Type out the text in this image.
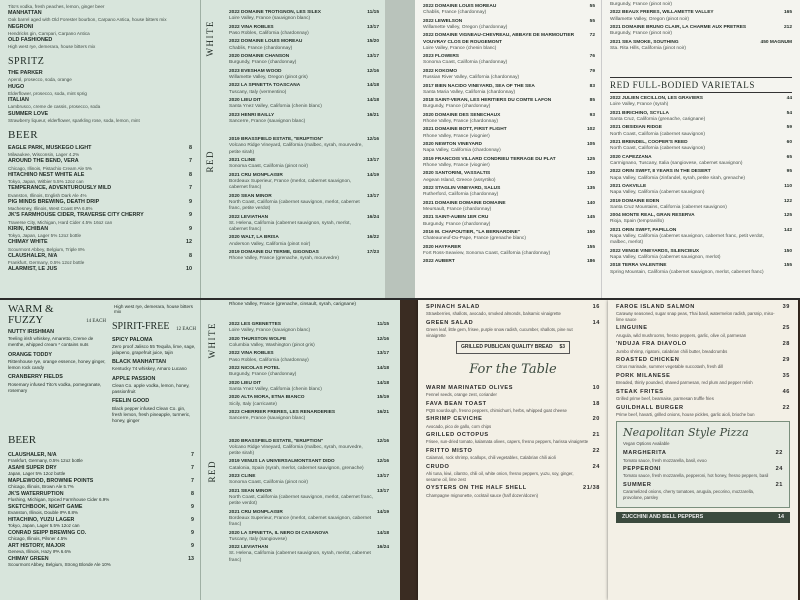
Tito's vodka, fresh peaches, lemon, ginger beer
MANHATTAN
Oak barrel aged with Old Forester bourbon, Carpano Antica, house bitters mix
NEGRONI
Hendricks gin, Campari, Carpano Antica
OLD FASHIONED
High west rye, demerara, house bitters mix
SPRITZ
THE PARKER
Aperol, prosecco, soda, orange
HUGO
Elderflower, prosecco, soda, mint sprig
ITALIAN
Lambrusco, creme de cassis, prosecco, soda
SUMMER LOVE
Strawberry liqueur, elderflower, sparkling rose, soda, lemon, mint
BEER
EAGLE PARK, MUSKEGO LIGHT
Milwaukee, Wisconsin, Lager 4.2%
8
AROUND THE BEND, VERA
Chicago, Illinois, Pistachio Cream Ale 5%
7
HITACHINO NEST WHITE ALE
Tokyo, Japan, Witbier 5.5% 12oz can
8
TEMPERANCE, ADVENTUROUSLY MILD
Evanston, Illinois, English Dark Ale 4%
7
PIG MINDS BREWING, DEATH DRIP
Machesney, Illinois, West Coast IPA 6.8%
9
JK'S FARMHOUSE CIDER, TRAVERSE CITY CHERRY
Traverse City, Michigan, Hard Cider 4.5% 16oz can
9
KIRIN, ICHIBAN
Tokyo, Japan, Lager 5% 12oz bottle
9
CHIMAY WHITE
Scourmont Abbey, Belgium, Triple 8%
12
CLAUSHALER, N/A
Frankfurt, Germany, 0.5% 12oz bottle
8
ALARMIST, LE JUS	10
WHITE
RED
2022 DOMAINE TROTIGNON, LES SILEX
Loire Valley, France (sauvignon blanc)
11/15
2022 VINA ROBLES
Paso Robles, California (chardonnay)
13/17
2022 DOMAINE LOUIS MOREAU
Chablis, France (chardonnay)
15/20
2020 DOMAINE CHANSON
Burgundy, France (chardonnay)
13/17
2023 EVESHAM WOOD
Willamette Valley, Oregon (pinot gris)
12/16
2022 LA SPINETTA TOASCANA
Tuscany, Italy (vermentino)
14/18
2020 LIEU DIT
Santa Ynez Valley, California (chenin blanc)
14/18
2023 HENRI BAILLY
Sancerre, France (sauvignon blanc)
16/21
2019 BRASSFIELD ESTATE, "ERUPTION"
Volcano Ridge Vineyard, California (malbec, syrah, mourvedre, petite sirah)
12/16
2021 CLINE
Sonoma Coast, California (pinot noir)
13/17
2021 CRU MONPLAISIR
Bordeaux Superieur, France (merlot, cabernet sauvignon, cabernet franc)
14/19
2020 SEAN MINOR
North Coast, California (cabernet sauvignon, merlot, cabernet franc, petite verdot)
13/17
2022 LEVIATHAN
St. Helena, California (cabernet sauvignon, syrah, merlot, cabernet franc)
16/24
2020 WALT, LA BRISA
Anderson Valley, California (pinot noir)
16/22
2019 DOMAINE DU TERME, GIGONDAS
Rhone Valley, France (grenache, syrah, mourvedre)
17/23
2022 DOMAINE LOUIS MOREAU
Chablis, France (chardonnay)
55
2022 LEWELSON
Willamette Valley, Oregon (chardonnay)
55
2022 DOMAINE VIGNEAU-CHEVREAU, ABBAYE DE MARMOUTIER VOUVRAY CLOS DE ROUGEMONT
Loire Valley, France (chenin blanc)
72
2023 FLOWERS
Sonoma Coast, California (chardonnay)
76
2022 KOKOMO
Russian River Valley, California (chardonnay)
79
2017 BIEN NACIDO VINEYARD, SEA OF THE SEA
Santa Maria Valley, California (chardonnay)
83
2018 SAINT-VERAN, LES HERITIERS DU COMTE LAFON
Burgundy, France (chardonnay)
85
2020 DOMAINE DES SENECHAUX
Rhone Valley, France (chardonnay)
93
2021 DOMAINE BOTT, FIRST FLIGHT
Rhone Valley, France (viognier)
102
2020 NEWTON VINEYARD
Napa Valley, California (chardonnay)
105
2019 FRANCOIS VILLARD CONDRIEU TERRAGE DU PLAT
Rhone Valley, France (viognier)
125
2020 SANTORINI, VASSALTIS
Aegean Island, Greece (assyrtiko)
130
2022 STAGLIN VINEYARD, SALUS
Rutherford, California (chardonnay)
135
2021 DOMAINE DOMAINE DOMAINE
Meursault, France (chardonnay)
140
2021 SAINT-AUBIN 1ER CRU
Burgundy, France (chardonnay)
145
2016 M. CHAPOUTIER, "LA BERNARDINE"
Chateauneuf-Du-Pape, France (grenache blanc)
150
2020 HAYFARER
Fort Ross-Seaview, Sonoma Coast, California (chardonnay)
155
2022 AUBERT	186
Burgundy, France (pinot noir)
2022 BEAUX FRERES, WILLAMETTE VALLEY
Willamette Valley, Oregon (pinot noir)
165
2021 DOMAINE BRUNO CLAIR, LA CHARME AUX PRETRES
Burgundy, France (pinot noir)
212
2021 SEA SMOKE, SOUTHING
Sta. Rita Hills, California (pinot noir)
450 MAGNUM
RED FULL-BODIED VARIETALS
2022 JULIEN CECILLON, LES GRAVIERS
Loire Valley, France (syrah)
44
2021 BIRICHINO, SCYLLA
Santa Cruz, California (grenache, carignane)
54
2021 OBSIDIAN RIDGE
North Coast, California (cabernet sauvignon)
59
2021 BRENDEL, COOPER'S REED
North Coast, California (cabernet sauvignon)
60
2020 CAPEZZANA
Carmignano, Tuscany, Italia (sangiovese, cabernet sauvignon)
65
2022 ORIN SWIFT, 8 YEARS IN THE DESERT
Napa Valley, California (zinfandel, syrah, petite sirah, grenache)
95
2021 OAKVILLE
Napa Valley, California (cabernet sauvignon)
110
2019 DOMAINE EDEN
Santa Cruz Mountains, California (cabernet sauvignon)
122
2004 MONTE REAL, GRAN RESERVA
Rioja, Spain (tempranillo)
125
2021 ORIN SWIFT, PAPILLON
Napa Valley, California (cabernet sauvignon, cabernet franc, petit verdot, malbec, merlot)
142
2022 VENGE VINEYARDS, SILENCIEUX
Napa Valley, California (cabernet sauvignon, merlot)
150
2018 TERRA VALENTINE
Spring Mountain, California (cabernet sauvignon, merlot, cabernet franc)
155
High west rye, demerara, house bitters mix
WARM & FUZZY	14 EACH
NUTTY IRISHMAN
Teeling irish whiskey, Amaretto, Creme de menthe, whipped cream * contains nuts
ORANGE TODDY
Rittenhouse rye, orange essence, honey ginger, lemon rock candy
CRANBERRY FIELDS
Rosemary infused Tito's vodka, pomegranate, rosemary
SPIRIT-FREE 12 EACH
SPICY PALOMA
Zero proof Jalisco 55 Tequila, lime, sage, jalapeno, grapefruit juice, tajin
BLACK MANHATTAN
Kentucky 74 whiskey, Amaro Lucano
APPLE PASSION
Clean Co. apple vodka, lemon, honey, passionfruit
FEELIN GOOD
Black pepper infused Clean Co. gin, fresh lemon, fresh pineapple, turmeric, honey, ginger
BEER
CLAUSHALER, N/A
Frankfurt, Germany, 0.5% 12oz bottle
7
ASAHI SUPER DRY
Japan, Lager 5% 12oz bottle
7
MAPLEWOOD, BROWNIE POINTS
Chicago, Illinois, Brown Ale 5.7%
7
JK'S WATERRUPTION
Flushing, Michigan, Spiced Farmhouse Cider 6.9%
8
SKETCHBOOK, NIGHT GAME
Evanston, Illinois, Double IPA 8.8%
9
HITACHINO, YUZU LAGER
Tokyo, Japan, Lager 5.5% 12oz can
9
CONRAD SEIPP BREWING CO.
Chicago, Illinois, Pilsner 4.5%
9
ART HISTORY, MAJOR
Geneva, Illinois, Hazy IPA 6.6%
9
CHIMAY GREEN
Scourmont Abbey, Belgium, Strong Blonde Ale 10%
13
Rhone Valley, France (grenache, cinsault, syrah, carignane)
WHITE
RED
2022 LES GRENETTES
Loire Valley, France (sauvignon blanc)
11/15
2020 THURSTON WOLFE
Columbia Valley, Washington (pinot gris)
12/16
2022 VINA ROBLES
Paso Robles, California (chardonnay)
13/17
2022 NICOLAS POTEL
Burgundy, France (chardonnay)
14/18
2020 LIEU DIT
Santa Ynez Valley, California (chenin blanc)
14/18
2020 ALTA MORA, ETNA BIANCO
Sicily, Italy (carricante)
15/19
2023 CHERRIER FRERES, LES RENARDERIES
Sancerre, France (sauvignon blanc)
16/21
2020 BRASSFIELD ESTATE, "ERUPTION"
Volcano Ridge Vineyard, California (malbec, syrah, mourvedre, petite sirah)
12/16
2019 VENUS LA UNIVERSALMONTSANT DIDO
Catalonia, Spain (syrah, merlot, cabernet sauvignon, grenache)
12/16
2023 CLINE
Sonoma Coast, California (pinot noir)
13/17
2021 SEAN MINOR
North Coast, California (cabernet sauvignon, merlot, cabernet franc, petite verdot)
13/17
2021 CRU MONPLAISIR
Bordeaux Superieur, France (merlot, cabernet sauvignon, cabernet franc)
14/19
2020 LA SPINETTA, IL NERO DI CASANOVA
Tuscany, Italy (sangiovese)
14/18
2022 LEVIATHAN
St. Helena, California (cabernet sauvignon, syrah, merlot, cabernet franc)
16/24
SPINACH SALAD
Strawberries, shallots, avocado, smoked almonds, balsamic vinaigrette
16
GREEN SALAD
Green leaf, little gem, frisee, purple snow radish, cucumber, shallots, pine nut vinaigrette
14
GRILLED PUBLICAN QUALITY BREAD $3
For the Table
WARM MARINATED OLIVES
Fennel seeds, orange zest, coriander
10
FAVA BEAN TOAST
PQB sourdough, fresno peppers, chimichurri, herbs, whipped goat cheese
18
SHRIMP CEVICHE
Avocado, pico de gallo, corn chips
20
GRILLED OCTOPUS
Frisee, sun-dried tomato, kalamata olives, capers, fresno peppers, harissa vinaigrette
21
FRITTO MISTO
Calamari, rock shrimp, scallops, chili vegetables, Calabrian chili aioli
22
CRUDO
Ahi tuna, kiwi, cilantro, chili oil, white onion, fresno peppers, yuzu, soy, ginger, sesame oil, lime zest
24
OYSTERS ON THE HALF SHELL
Champagne mignonette, cocktail sauce (half dozen/dozen)
21/38
FAROE ISLAND SALMON
Caraway seasoned, sugar snap peas, Thai basil, watermelon radish, parsnip, miso-lime sauce
39
LINGUINE
Arugula, wild mushrooms, fresno peppers, garlic, olive oil, parmesan
25
'NDUJA FRA DIAVOLO
Jumbo shrimp, rigatoni, calabrian chili butter, breadcrumbs
28
ROASTED CHICKEN
Citrus marinade, summer vegetable succotash, fresh dill
29
PORK MILANESE
Breaded, thinly pounded, shaved parmesan, red plum and pepper relish
35
STEAK FRITES
Grilled prime beef, bearnaise, parmesan truffle fries
46
GUILDHALL BURGER
Prime beef, havarti, grilled onions, house pickles, garlic aioli, brioche bun
22
Neapolitan Style Pizza
Vegan Options Available
MARGHERITA
Tomato sauce, fresh mozzarella, basil, evoo
22
PEPPERONI
Tomato sauce, fresh mozzarella, pepperoni, hot honey, fresno peppers, basil
24
SUMMER
Caramelized onions, cherry tomatoes, arugula, pecorino, mozzarella, provolone, parsley
21
ZUCCHINI AND BELL PEPPERS	14
